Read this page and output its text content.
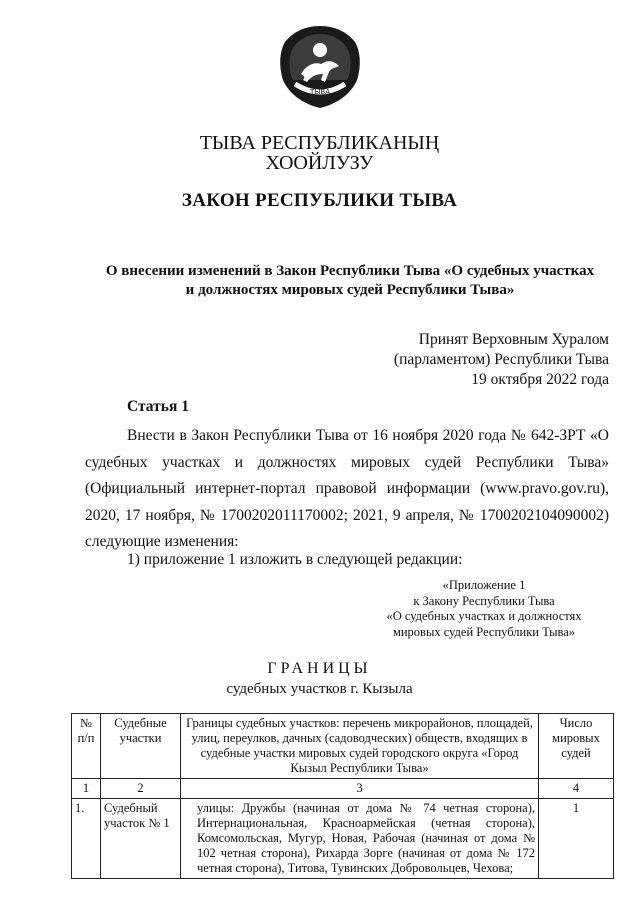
ТЫВА
ТЫВА РЕСПУБЛИКАНЫҢ
ХООЙЛУЗУ
ЗАКОН РЕСПУБЛИКИ ТЫВА
О внесении изменений в Закон Республики Тыва «О судебных участках
и должностях мировых судей Республики Тыва»
Принят Верховным Хуралом
(парламентом) Республики Тыва
19 октября 2022 года
Статья 1
Внести в Закон Республики Тыва от 16 ноября 2020 года № 642-ЗРТ «О судебных участках и должностях мировых судей Республики Тыва» (Официальный интернет-портал правовой информации (www.pravo.gov.ru), 2020, 17 ноября, № 1700202011170002; 2021, 9 апреля, № 1700202104090002) следующие изменения:
1) приложение 1 изложить в следующей редакции:
«Приложение 1
к Закону Республики Тыва
«О судебных участках и должностях
мировых судей Республики Тыва»
ГРАНИЦЫ
судебных участков г. Кызыла
№ п/п	Судебные участки	Границы судебных участков: перечень микрорайонов, площадей, улиц, переулков, дачных (садоводческих) обществ, входящих в судебные участки мировых судей городского округа «Город Кызыл Республики Тыва»	Число мировых судей
1	2	3	4
1.	Судебный участок № 1	улицы: Дружбы (начиная от дома № 74 четная сторона), Интернациональная, Красноармейская (четная сторона), Комсомольская, Мугур, Новая, Рабочая (начиная от дома № 102 четная сторона), Рихарда Зорге (начиная от дома № 172 четная сторона), Титова, Тувинских Добровольцев, Чехова;	1
